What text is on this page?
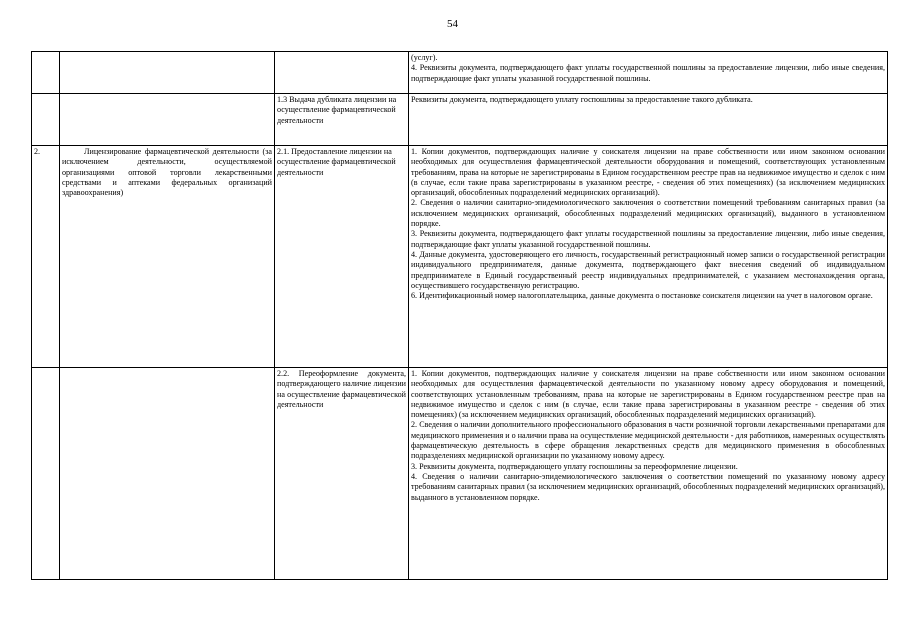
54

			(услуг).

4. Реквизиты документа, подтверждающего факт уплаты государственной пошлины за предоставление лицензии, либо иные сведения, подтверждающие факт уплаты указанной государственной пошлины.

		1.3 Выдача дубликата лицензии на осуществление фармацевтической деятельности	Реквизиты документа, подтверждающего уплату госпошлины за предоставление такого дубликата.

2.	Лицензирование фармацевтической деятельности (за исключением деятельности, осуществляемой организациями оптовой торговли лекарственными средствами и аптеками федеральных организаций здравоохранения)	2.1. Предоставление лицензии на осуществление фармацевтической деятельности	1. Копии документов, подтверждающих наличие у соискателя лицензии на праве собственности или ином законном основании необходимых для осуществления фармацевтической деятельности оборудования и помещений, соответствующих установленным требованиям, права на которые не зарегистрированы в Едином государственном реестре прав на недвижимое имущество и сделок с ним (в случае, если такие права зарегистрированы в указанном реестре, - сведения об этих помещениях) (за исключением медицинских организаций, обособленных подразделений медицинских организаций).

2. Сведения о наличии санитарно-эпидемиологического заключения о соответствии помещений требованиям санитарных правил (за исключением медицинских организаций, обособленных подразделений медицинских организаций), выданного в установленном порядке.

3. Реквизиты документа, подтверждающего факт уплаты государственной пошлины за предоставление лицензии, либо иные сведения, подтверждающие факт уплаты указанной государственной пошлины.

4. Данные документа, удостоверяющего его личность, государственный регистрационный номер записи о государственной регистрации индивидуального предпринимателя, данные документа, подтверждающего факт внесения сведений об индивидуальном предпринимателе в Единый государственный реестр индивидуальных предпринимателей, с указанием местонахождения органа, осуществившего государственную регистрацию.

6. Идентификационный номер налогоплательщика, данные документа о постановке соискателя лицензии на учет в налоговом органе.

		2.2. Переоформление документа, подтверждающего наличие лицензии на осуществление фармацевтической деятельности	1. Копии документов, подтверждающих наличие у соискателя лицензии на праве собственности или ином законном основании необходимых для осуществления фармацевтической деятельности по указанному новому адресу оборудования и помещений, соответствующих установленным требованиям, права на которые не зарегистрированы в Едином государственном реестре прав на недвижимое имущество и сделок с ним (в случае, если такие права зарегистрированы в указанном реестре - сведения об этих помещениях) (за исключением медицинских организаций, обособленных подразделений медицинских организаций).

2. Сведения о наличии дополнительного профессионального образования в части розничной торговли лекарственными препаратами для медицинского применения и о наличии права на осуществление медицинской деятельности - для работников, намеренных осуществлять фармацевтическую деятельность в сфере обращения лекарственных средств для медицинского применения в обособленных подразделениях медицинской организации по указанному новому адресу.

3. Реквизиты документа, подтверждающего уплату госпошлины за переоформление лицензии.

4. Сведения о наличии санитарно-эпидемиологического заключения о соответствии помещений по указанному новому адресу требованиям санитарных правил (за исключением медицинских организаций, обособленных подразделений медицинских организаций), выданного в установленном порядке.
